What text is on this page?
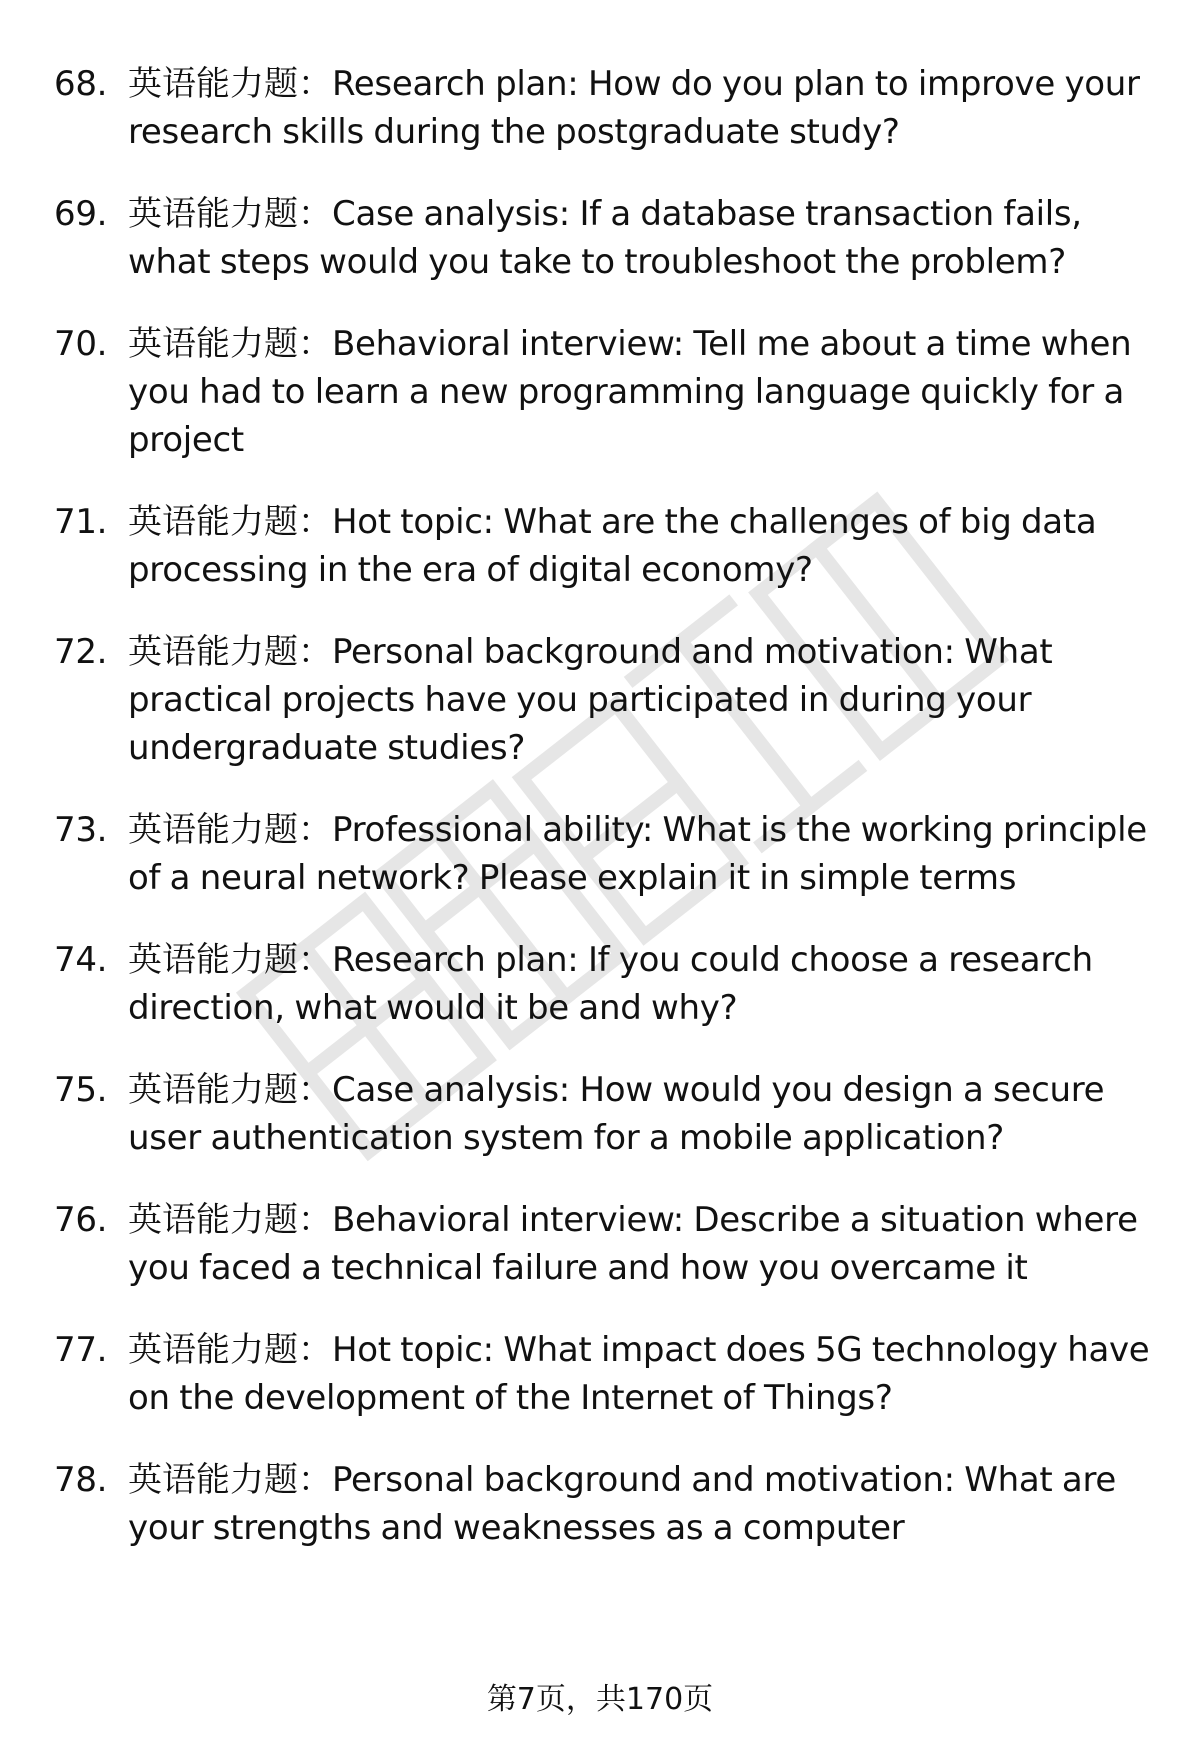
68. 英语能力题：Research plan: How do you plan to improve your research skills during the postgraduate study?
69. 英语能力题：Case analysis: If a database transaction fails, what steps would you take to troubleshoot the problem?
70. 英语能力题：Behavioral interview: Tell me about a time when you had to learn a new programming language quickly for a project
71. 英语能力题：Hot topic: What are the challenges of big data processing in the era of digital economy?
72. 英语能力题：Personal background and motivation: What practical projects have you participated in during your undergraduate studies?
73. 英语能力题：Professional ability: What is the working principle of a neural network? Please explain it in simple terms
74. 英语能力题：Research plan: If you could choose a research direction, what would it be and why?
75. 英语能力题：Case analysis: How would you design a secure user authentication system for a mobile application?
76. 英语能力题：Behavioral interview: Describe a situation where you faced a technical failure and how you overcame it
77. 英语能力题：Hot topic: What impact does 5G technology have on the development of the Internet of Things?
78. 英语能力题：Personal background and motivation: What are your strengths and weaknesses as a computer
第7页，共170页
